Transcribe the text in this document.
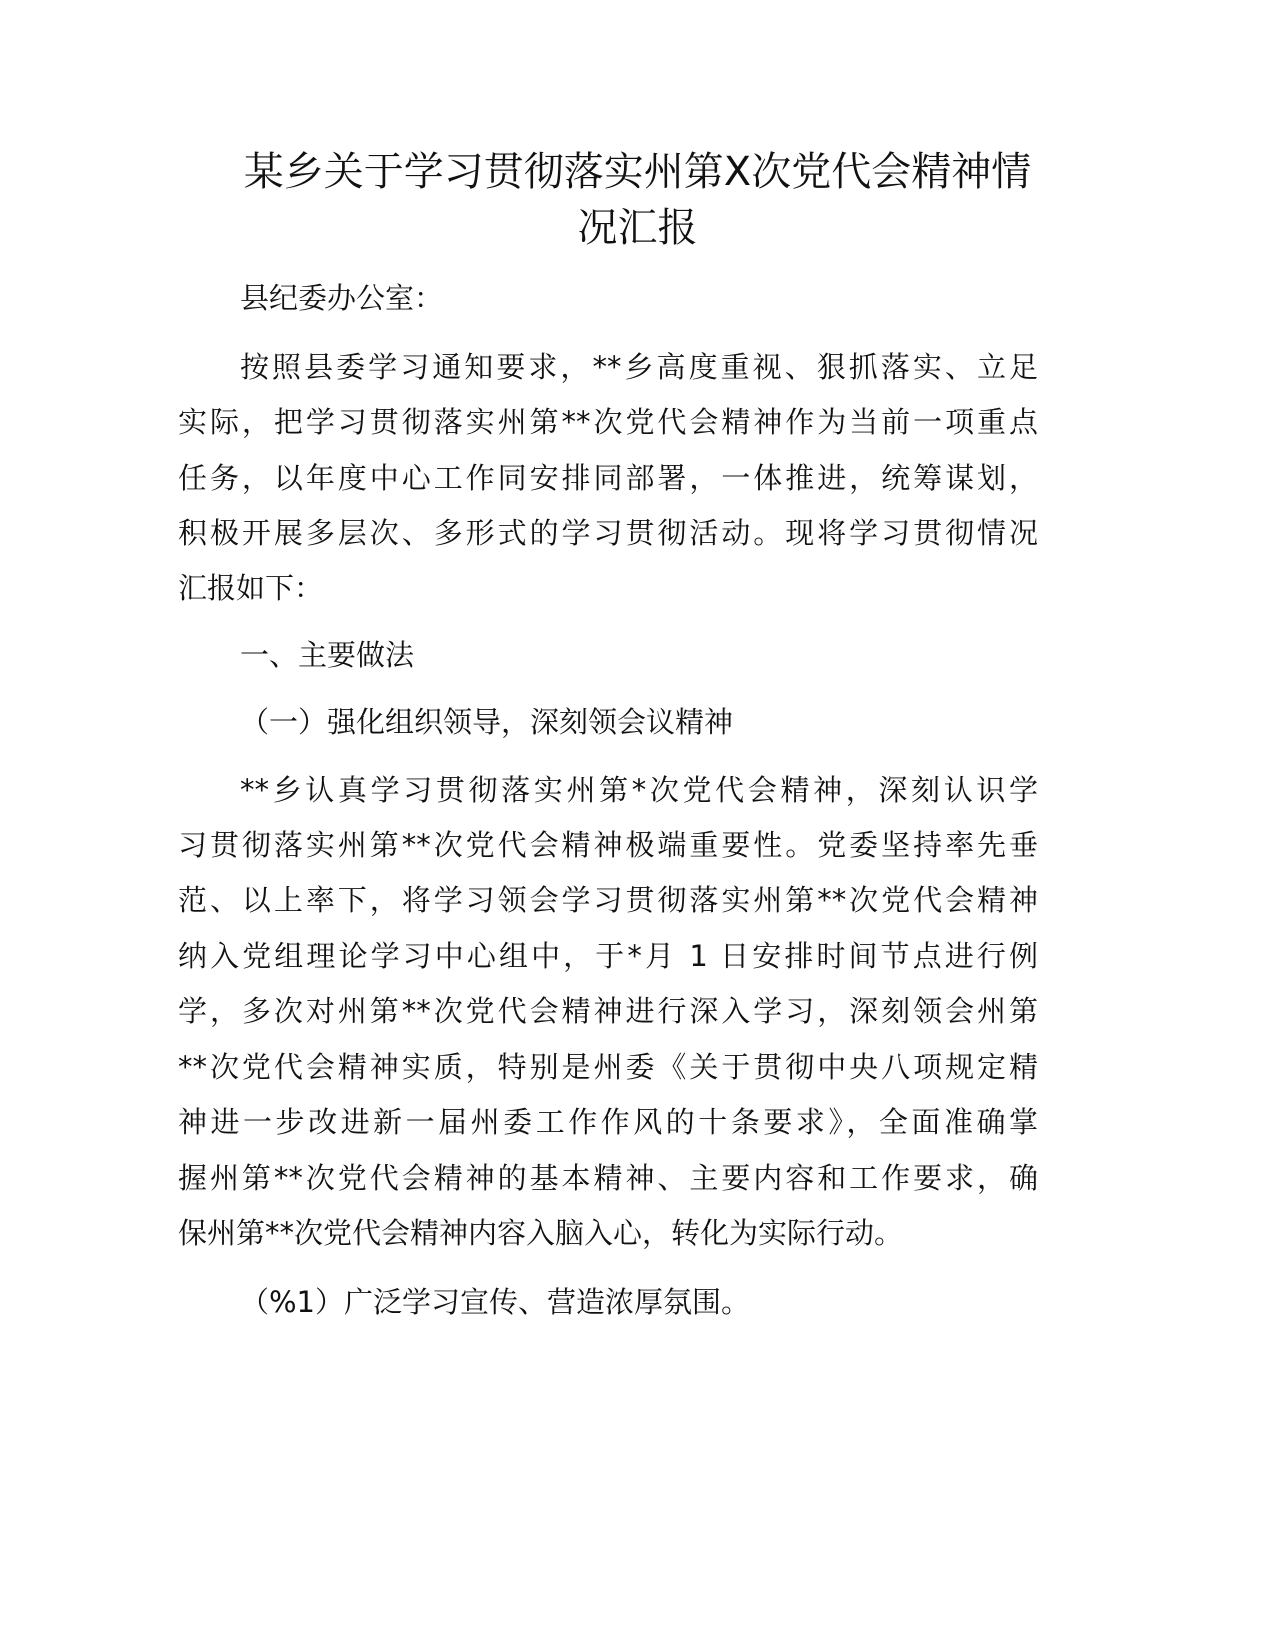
某乡关于学习贯彻落实州第Ⅹ次党代会精神情
况汇报
县纪委办公室：
按照县委学习通知要求，**乡高度重视、狠抓落实、立足
实际，把学习贯彻落实州第**次党代会精神作为当前一项重点
任务，以年度中心工作同安排同部署，一体推进，统筹谋划，
积极开展多层次、多形式的学习贯彻活动。现将学习贯彻情况
汇报如下：
一、主要做法
（一）强化组织领导，深刻领会议精神
**乡认真学习贯彻落实州第*次党代会精神，深刻认识学
习贯彻落实州第**次党代会精神极端重要性。党委坚持率先垂
范、以上率下，将学习领会学习贯彻落实州第**次党代会精神
纳入党组理论学习中心组中，于*月 1 日安排时间节点进行例
学，多次对州第**次党代会精神进行深入学习，深刻领会州第
**次党代会精神实质，特别是州委《关于贯彻中央八项规定精
神进一步改进新一届州委工作作风的十条要求》，全面准确掌
握州第**次党代会精神的基本精神、主要内容和工作要求，确
保州第**次党代会精神内容入脑入心，转化为实际行动。
（%1）广泛学习宣传、营造浓厚氛围。
